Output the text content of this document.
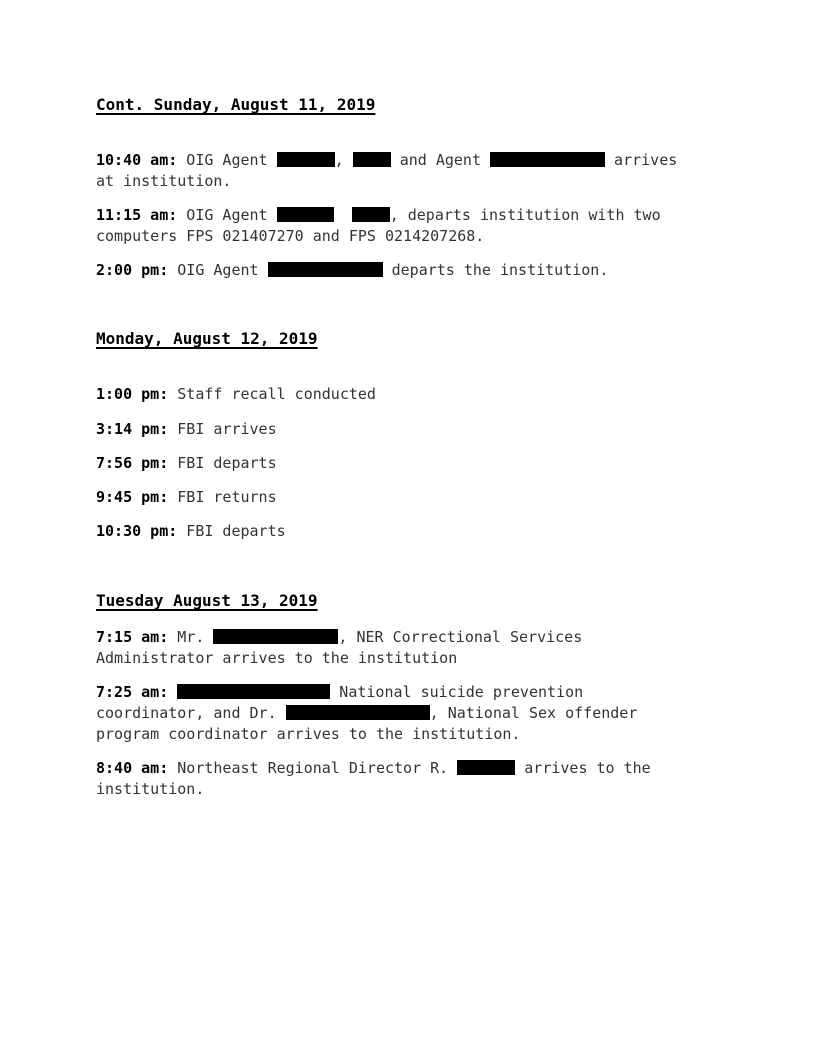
Cont. Sunday, August 11, 2019

10:40 am: OIG Agent	,	and Agent	arrives
at institution.

11:15 am: OIG Agent	, departs institution with two
computers FPS 021407270 and FPS 0214207268.

2:00 pm: OIG Agent	departs the institution.

Monday, August 12, 2019

1:00 pm: Staff recall conducted

3:14 pm: FBI arrives

7:56 pm: FBI departs

9:45 pm: FBI returns

10:30 pm: FBI departs

Tuesday August 13, 2019

7:15 am: Mr.	, NER Correctional Services
Administrator arrives to the institution

7:25 am:	National suicide prevention
coordinator, and Dr.	, National Sex offender
program coordinator arrives to the institution.

8:40 am: Northeast Regional Director R.	arrives to the
institution.
